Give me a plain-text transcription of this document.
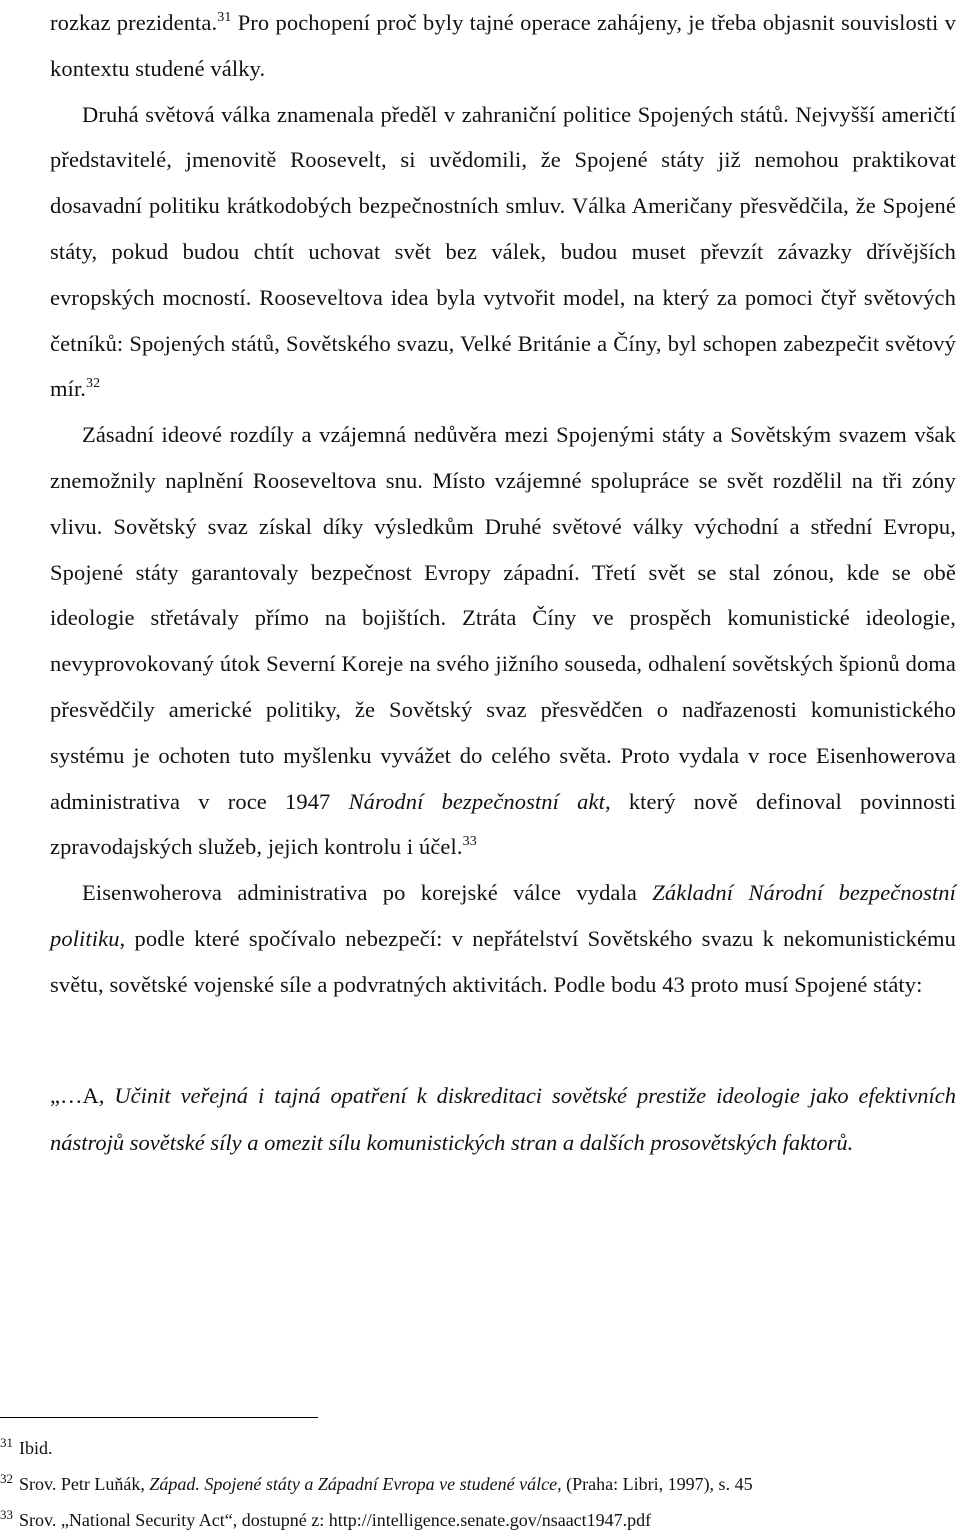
rozkaz prezidenta.$^{31}$ Pro pochopení proč byly tajné operace zahájeny, je třeba objasnit souvislosti v kontextu studené války.

Druhá světová válka znamenala předěl v zahraniční politice Spojených států. Nejvyšší američtí představitelé, jmenovitě Roosevelt, si uvědomili, že Spojené státy již nemohou praktikovat dosavadní politiku krátkodobých bezpečnostních smluv. Válka Američany přesvědčila, že Spojené státy, pokud budou chtít uchovat svět bez válek, budou muset převzít závazky dřívějších evropských mocností. Rooseveltova idea byla vytvořit model, na který za pomoci čtyř světových četníků: Spojených států, Sovětského svazu, Velké Británie a Číny, byl schopen zabezpečit světový mír.$^{32}$

Zásadní ideové rozdíly a vzájemná nedůvěra mezi Spojenými státy a Sovětským svazem však znemožnily naplnění Rooseveltova snu. Místo vzájemné spolupráce se svět rozdělil na tři zóny vlivu. Sovětský svaz získal díky výsledkům Druhé světové války východní a střední Evropu, Spojené státy garantovaly bezpečnost Evropy západní. Třetí svět se stal zónou, kde se obě ideologie střetávaly přímo na bojištích. Ztráta Číny ve prospěch komunistické ideologie, nevyprovokovaný útok Severní Koreje na svého jižního souseda, odhalení sovětských špionů doma přesvědčily americké politiky, že Sovětský svaz přesvědčen o nadřazenosti komunistického systému je ochoten tuto myšlenku vyvážet do celého světa. Proto vydala v roce Eisenhowerova administrativa v roce 1947 Národní bezpečnostní akt, který nově definoval povinnosti zpravodajských služeb, jejich kontrolu i účel.$^{33}$

Eisenwoherova administrativa po korejské válce vydala Základní Národní bezpečnostní politiku, podle které spočívalo nebezpečí: v nepřátelství Sovětského svazu k nekomunistickému světu, sovětské vojenské síle a podvratných aktivitách. Podle bodu 43 proto musí Spojené státy:

„…A, Učinit veřejná i tajná opatření k diskreditaci sovětské prestiže ideologie jako efektivních nástrojů sovětské síly a omezit sílu komunistických stran a dalších prosovětských faktorů.

$^{31}$ Ibid.

$^{32}$ Srov. Petr Luňák, Západ. Spojené státy a Západní Evropa ve studené válce, (Praha: Libri, 1997), s. 45

$^{33}$ Srov. „National Security Act“, dostupné z: http://intelligence.senate.gov/nsaact1947.pdf
